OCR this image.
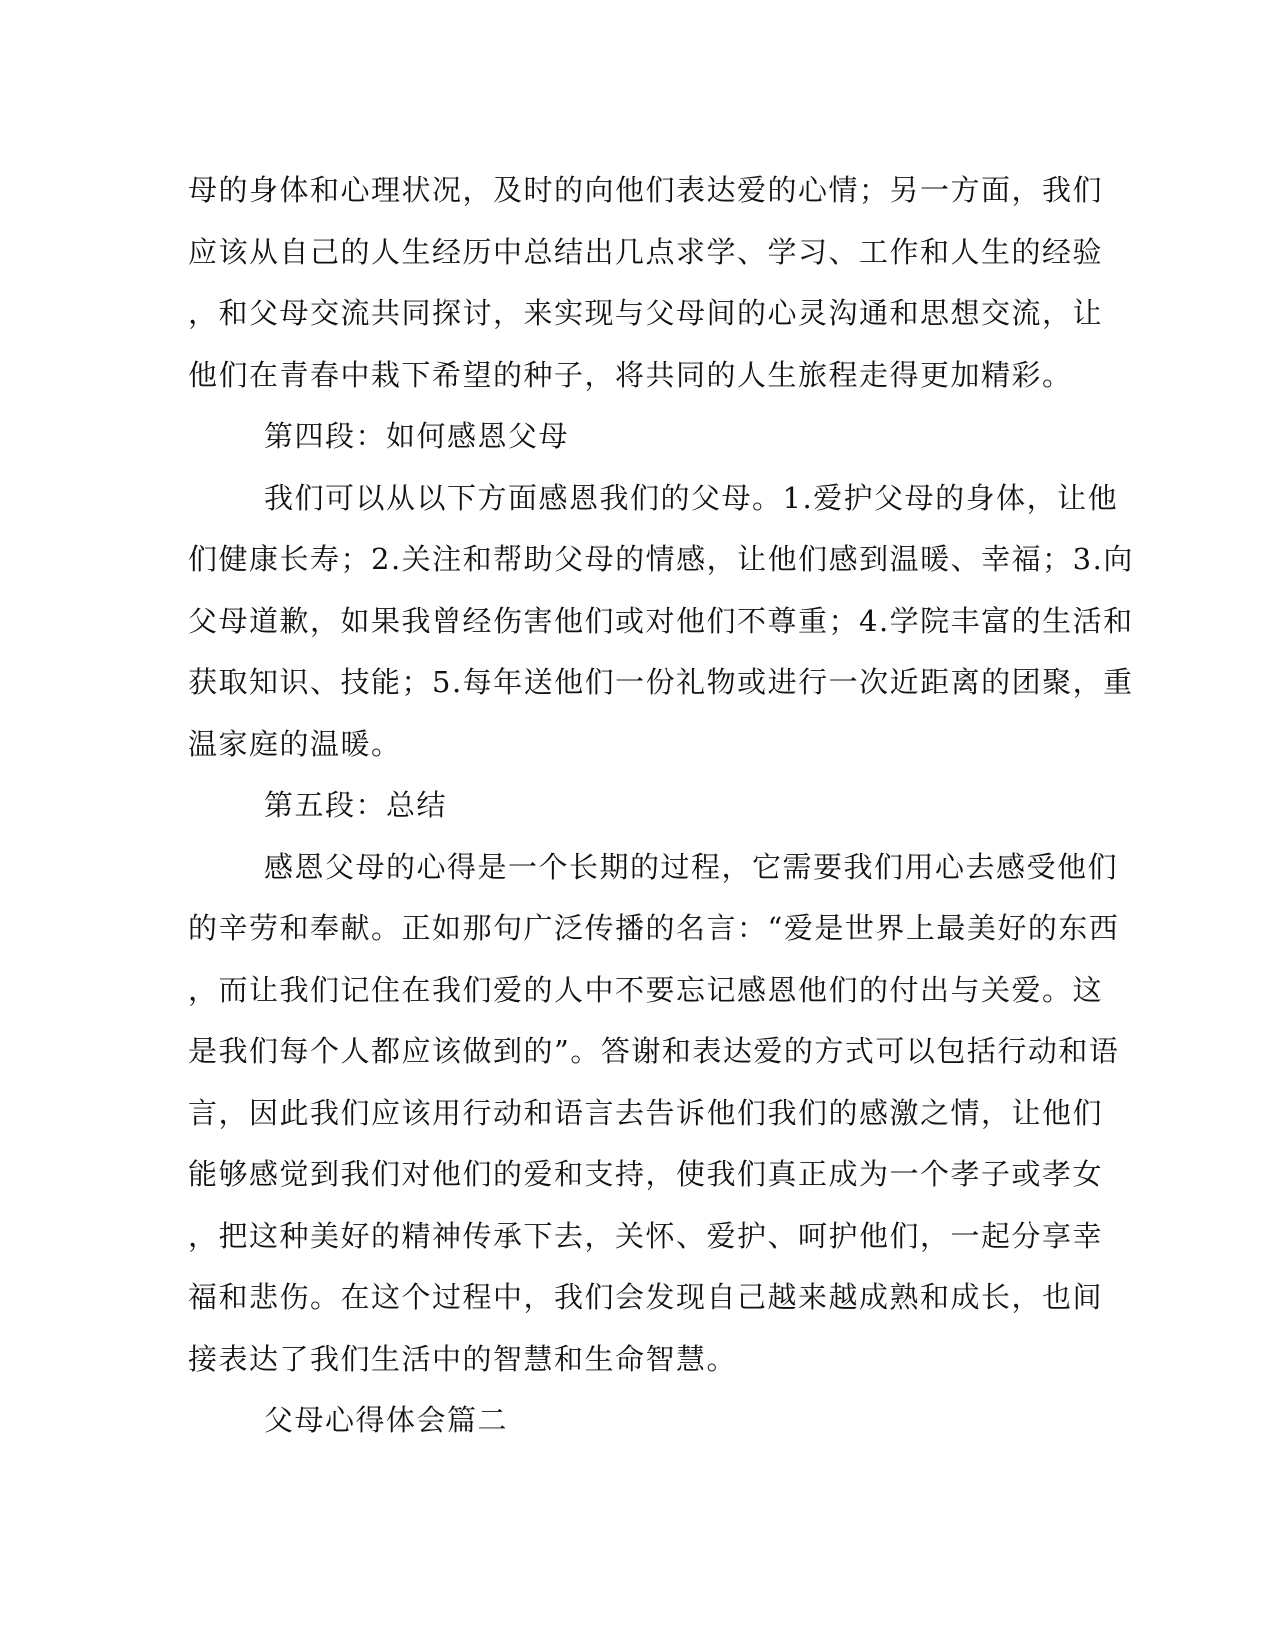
母的身体和心理状况，及时的向他们表达爱的心情；另一方面，我们
应该从自己的人生经历中总结出几点求学、学习、工作和人生的经验
，和父母交流共同探讨，来实现与父母间的心灵沟通和思想交流，让
他们在青春中栽下希望的种子，将共同的人生旅程走得更加精彩。
第四段：如何感恩父母
我们可以从以下方面感恩我们的父母。1.爱护父母的身体，让他
们健康长寿；2.关注和帮助父母的情感，让他们感到温暖、幸福；3.向
父母道歉，如果我曾经伤害他们或对他们不尊重；4.学院丰富的生活和
获取知识、技能；5.每年送他们一份礼物或进行一次近距离的团聚，重
温家庭的温暖。
第五段：总结
感恩父母的心得是一个长期的过程，它需要我们用心去感受他们
的辛劳和奉献。正如那句广泛传播的名言：“爱是世界上最美好的东西
，而让我们记住在我们爱的人中不要忘记感恩他们的付出与关爱。这
是我们每个人都应该做到的”。答谢和表达爱的方式可以包括行动和语
言，因此我们应该用行动和语言去告诉他们我们的感激之情，让他们
能够感觉到我们对他们的爱和支持，使我们真正成为一个孝子或孝女
，把这种美好的精神传承下去，关怀、爱护、呵护他们，一起分享幸
福和悲伤。在这个过程中，我们会发现自己越来越成熟和成长，也间
接表达了我们生活中的智慧和生命智慧。
父母心得体会篇二
